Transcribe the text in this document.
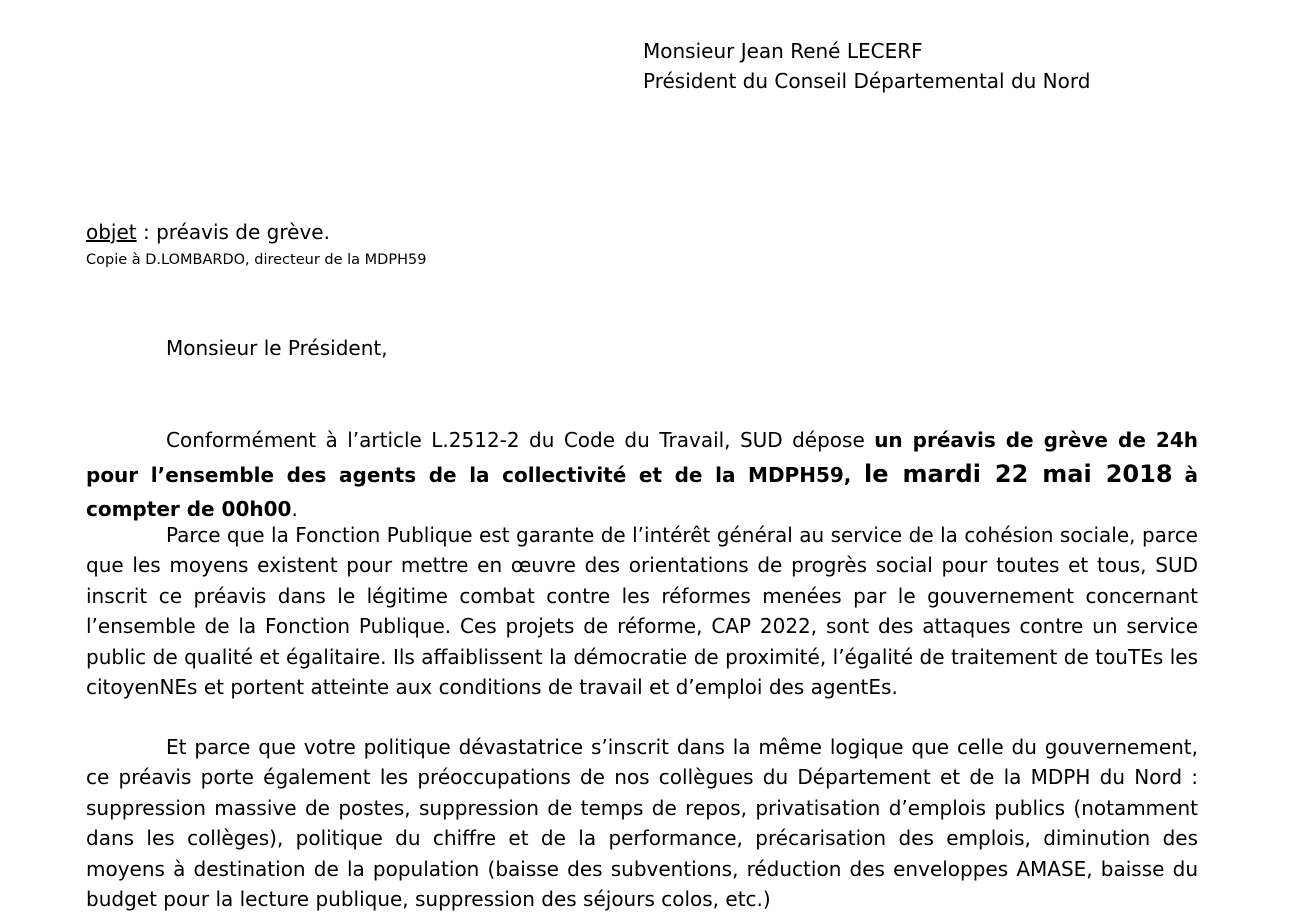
Monsieur Jean René LECERF
Président du Conseil Départemental du Nord
objet : préavis de grève.
Copie à D.LOMBARDO, directeur de la MDPH59
Monsieur le Président,

Conformément à l’article L.2512-2 du Code du Travail, SUD dépose un préavis de grève de 24h pour l’ensemble des agents de la collectivité et de la MDPH59, le mardi 22 mai 2018 à compter de 00h00.

Parce que la Fonction Publique est garante de l’intérêt général au service de la cohésion sociale, parce que les moyens existent pour mettre en œuvre des orientations de progrès social pour toutes et tous, SUD inscrit ce préavis dans le légitime combat contre les réformes menées par le gouvernement concernant l’ensemble de la Fonction Publique. Ces projets de réforme, CAP 2022, sont des attaques contre un service public de qualité et égalitaire. Ils affaiblissent la démocratie de proximité, l’égalité de traitement de touTEs les citoyenNEs et portent atteinte aux conditions de travail et d’emploi des agentEs.

Et parce que votre politique dévastatrice s’inscrit dans la même logique que celle du gouvernement, ce préavis porte également les préoccupations de nos collègues du Département et de la MDPH du Nord : suppression massive de postes, suppression de temps de repos, privatisation d’emplois publics (notamment dans les collèges), politique du chiffre et de la performance, précarisation des emplois, diminution des moyens à destination de la population (baisse des subventions, réduction des enveloppes AMASE, baisse du budget pour la lecture publique, suppression des séjours colos, etc.)
